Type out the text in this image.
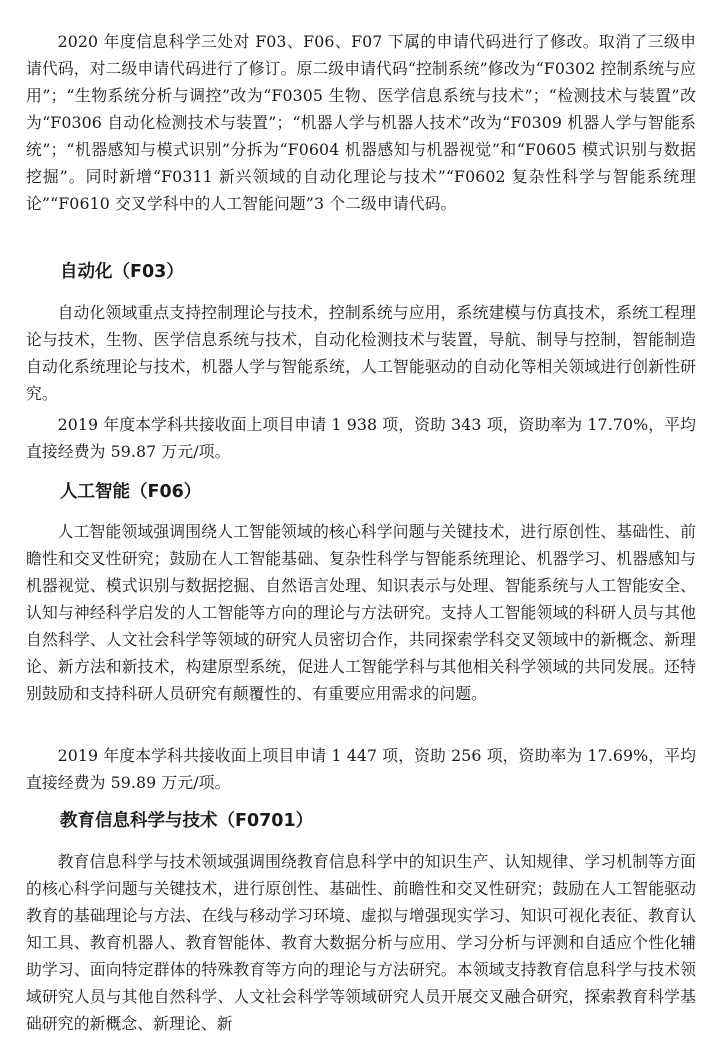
2020 年度信息科学三处对 F03、F06、F07 下属的申请代码进行了修改。取消了三级申请代码，对二级申请代码进行了修订。原二级申请代码“控制系统”修改为“F0302 控制系统与应用”；“生物系统分析与调控”改为“F0305 生物、医学信息系统与技术”；“检测技术与装置”改为“F0306 自动化检测技术与装置”；“机器人学与机器人技术”改为“F0309 机器人学与智能系统”；“机器感知与模式识别”分拆为“F0604 机器感知与机器视觉”和“F0605 模式识别与数据挖掘”。同时新增“F0311 新兴领域的自动化理论与技术”“F0602 复杂性科学与智能系统理论”“F0610 交叉学科中的人工智能问题”3 个二级申请代码。

自动化（F03）

自动化领域重点支持控制理论与技术，控制系统与应用，系统建模与仿真技术，系统工程理论与技术，生物、医学信息系统与技术，自动化检测技术与装置，导航、制导与控制，智能制造自动化系统理论与技术，机器人学与智能系统，人工智能驱动的自动化等相关领域进行创新性研究。

2019 年度本学科共接收面上项目申请 1 938 项，资助 343 项，资助率为 17.70%，平均直接经费为 59.87 万元/项。

人工智能（F06）

人工智能领域强调围绕人工智能领域的核心科学问题与关键技术，进行原创性、基础性、前瞻性和交叉性研究；鼓励在人工智能基础、复杂性科学与智能系统理论、机器学习、机器感知与机器视觉、模式识别与数据挖掘、自然语言处理、知识表示与处理、智能系统与人工智能安全、认知与神经科学启发的人工智能等方向的理论与方法研究。支持人工智能领域的科研人员与其他自然科学、人文社会科学等领域的研究人员密切合作，共同探索学科交叉领域中的新概念、新理论、新方法和新技术，构建原型系统，促进人工智能学科与其他相关科学领域的共同发展。还特别鼓励和支持科研人员研究有颠覆性的、有重要应用需求的问题。

2019 年度本学科共接收面上项目申请 1 447 项，资助 256 项，资助率为 17.69%，平均直接经费为 59.89 万元/项。

教育信息科学与技术（F0701）

教育信息科学与技术领域强调围绕教育信息科学中的知识生产、认知规律、学习机制等方面的核心科学问题与关键技术，进行原创性、基础性、前瞻性和交叉性研究；鼓励在人工智能驱动教育的基础理论与方法、在线与移动学习环境、虚拟与增强现实学习、知识可视化表征、教育认知工具、教育机器人、教育智能体、教育大数据分析与应用、学习分析与评测和自适应个性化辅助学习、面向特定群体的特殊教育等方向的理论与方法研究。本领域支持教育信息科学与技术领域研究人员与其他自然科学、人文社会科学等领域研究人员开展交叉融合研究，探索教育科学基础研究的新概念、新理论、新
